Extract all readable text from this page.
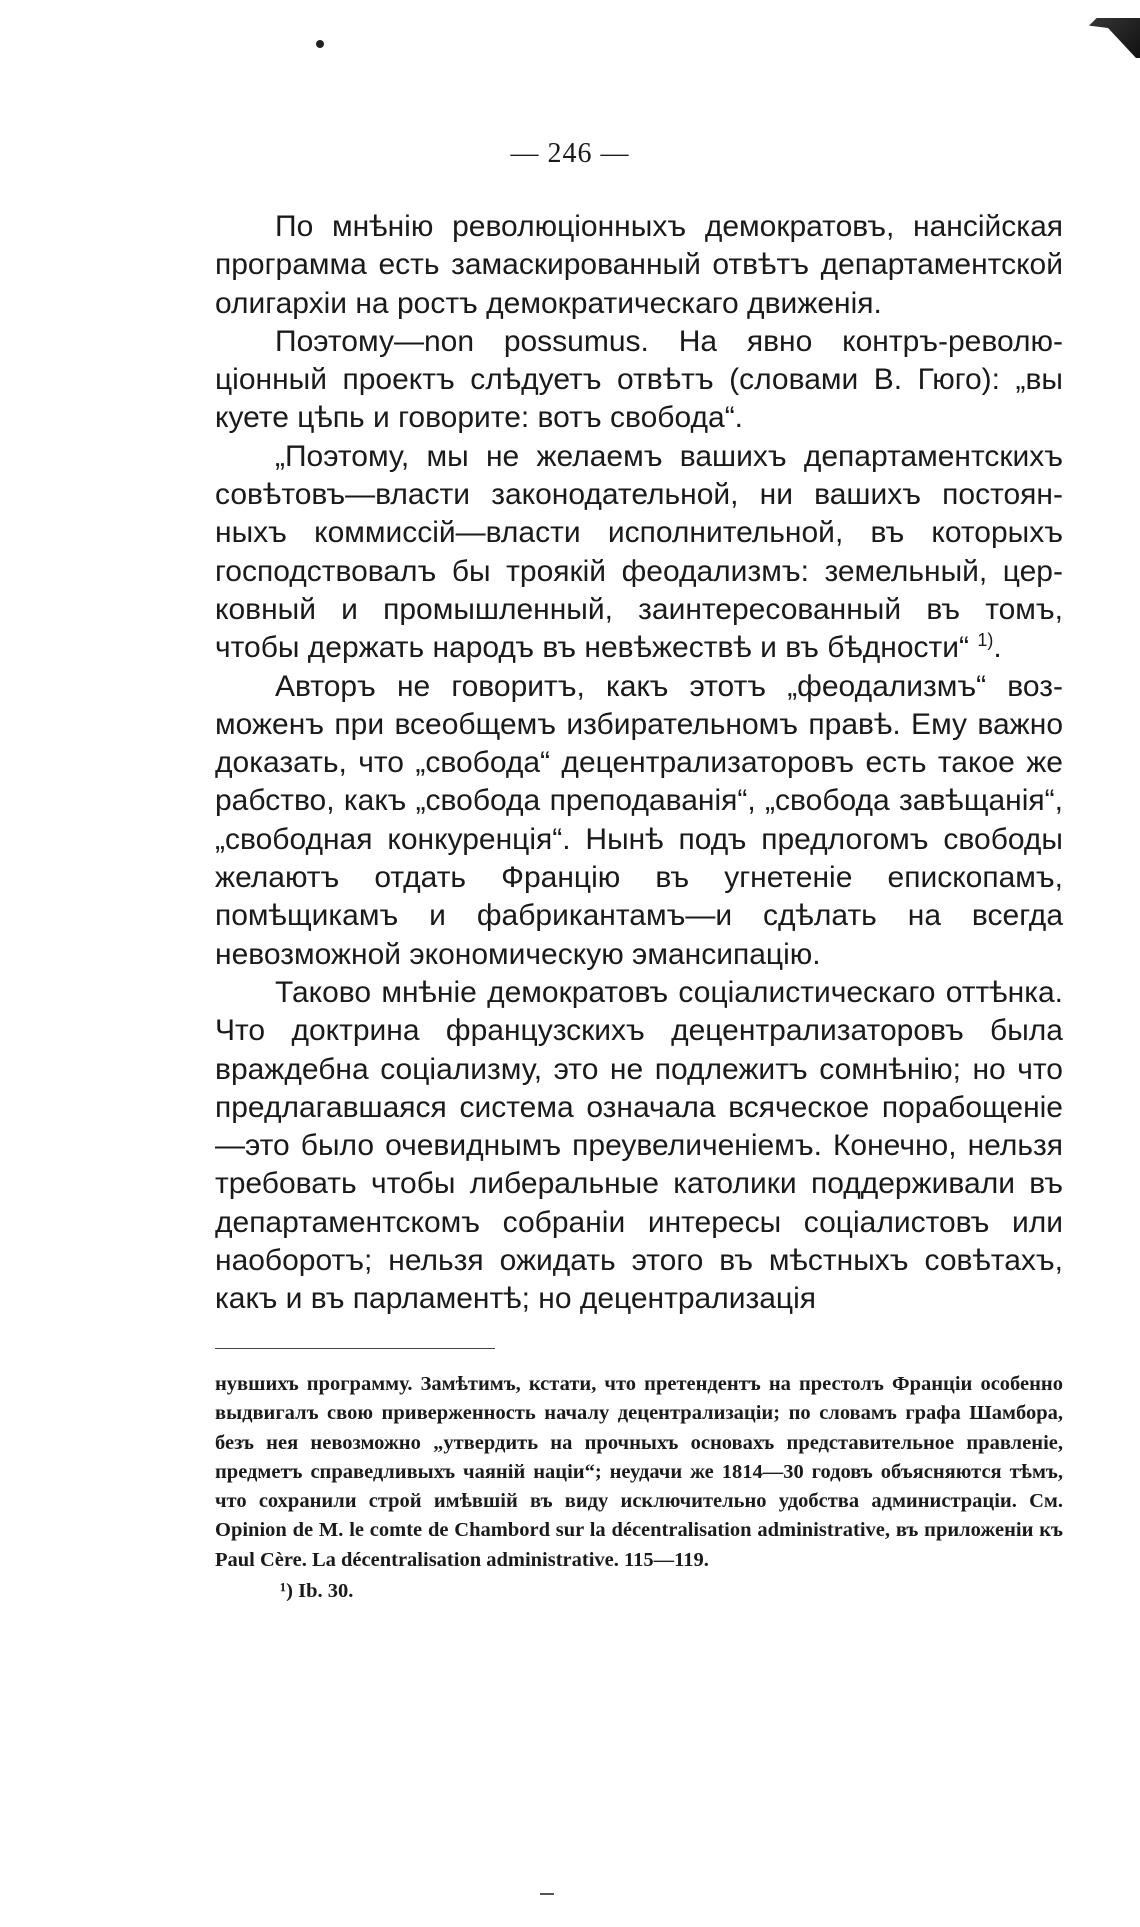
— 246 —

По мнѣнію революціонныхъ демократовъ, нансійская программа есть замаскированный отвѣтъ департаментской олигархіи на ростъ демократическаго движенія.

Поэтому—non possumus. На явно контръ-революціонный проектъ слѣдуетъ отвѣтъ (словами В. Гюго): „вы куете цѣпь и говорите: вотъ свобода“.

„Поэтому, мы не желаемъ вашихъ департаментскихъ совѣтовъ—власти законодательной, ни вашихъ постоянныхъ коммиссій—власти исполнительной, въ которыхъ господствовалъ бы троякій феодализмъ: земельный, церковный и промышленный, заинтересованный въ томъ, чтобы держать народъ въ невѣжествѣ и въ бѣдности“ $^{1)}$.

Авторъ не говоритъ, какъ этотъ „феодализмъ“ возможенъ при всеобщемъ избирательномъ правѣ. Ему важно доказать, что „свобода“ децентрализаторовъ есть такое же рабство, какъ „свобода преподаванія“, „свобода завѣщанія“, „свободная конкуренція“. Нынѣ подъ предлогомъ свободы желаютъ отдать Францію въ угнетеніе епископамъ, помѣщикамъ и фабрикантамъ—и сдѣлать на всегда невозможной экономическую эмансипацію.

Таково мнѣніе демократовъ соціалистическаго оттѣнка. Что доктрина французскихъ децентрализаторовъ была враждебна соціализму, это не подлежитъ сомнѣнію; но что предлагавшаяся система означала всяческое порабощеніе—это было очевиднымъ преувеличеніемъ. Конечно, нельзя требовать чтобы либеральные католики поддерживали въ департаментскомъ собраніи интересы соціалистовъ или наоборотъ; нельзя ожидать этого въ мѣстныхъ совѣтахъ, какъ и въ парламентѣ; но децентрализація

нувшихъ программу. Замѣтимъ, кстати, что претендентъ на престолъ Франціи особенно выдвигалъ свою приверженность началу децентрализаціи; по словамъ графа Шамбора, безъ нея невозможно „утвердить на прочныхъ основахъ представительное правленіе, предметъ справедливыхъ чаяній націи“; неудачи же 1814—30 годовъ объясняются тѣмъ, что сохранили строй имѣвшій въ виду исключительно удобства администраціи. См. Opinion de M. le comte de Chambord sur la décentralisation administrative, въ приложеніи къ Paul Cère. La décentralisation administrative. 115—119.

¹) Ib. 30.
